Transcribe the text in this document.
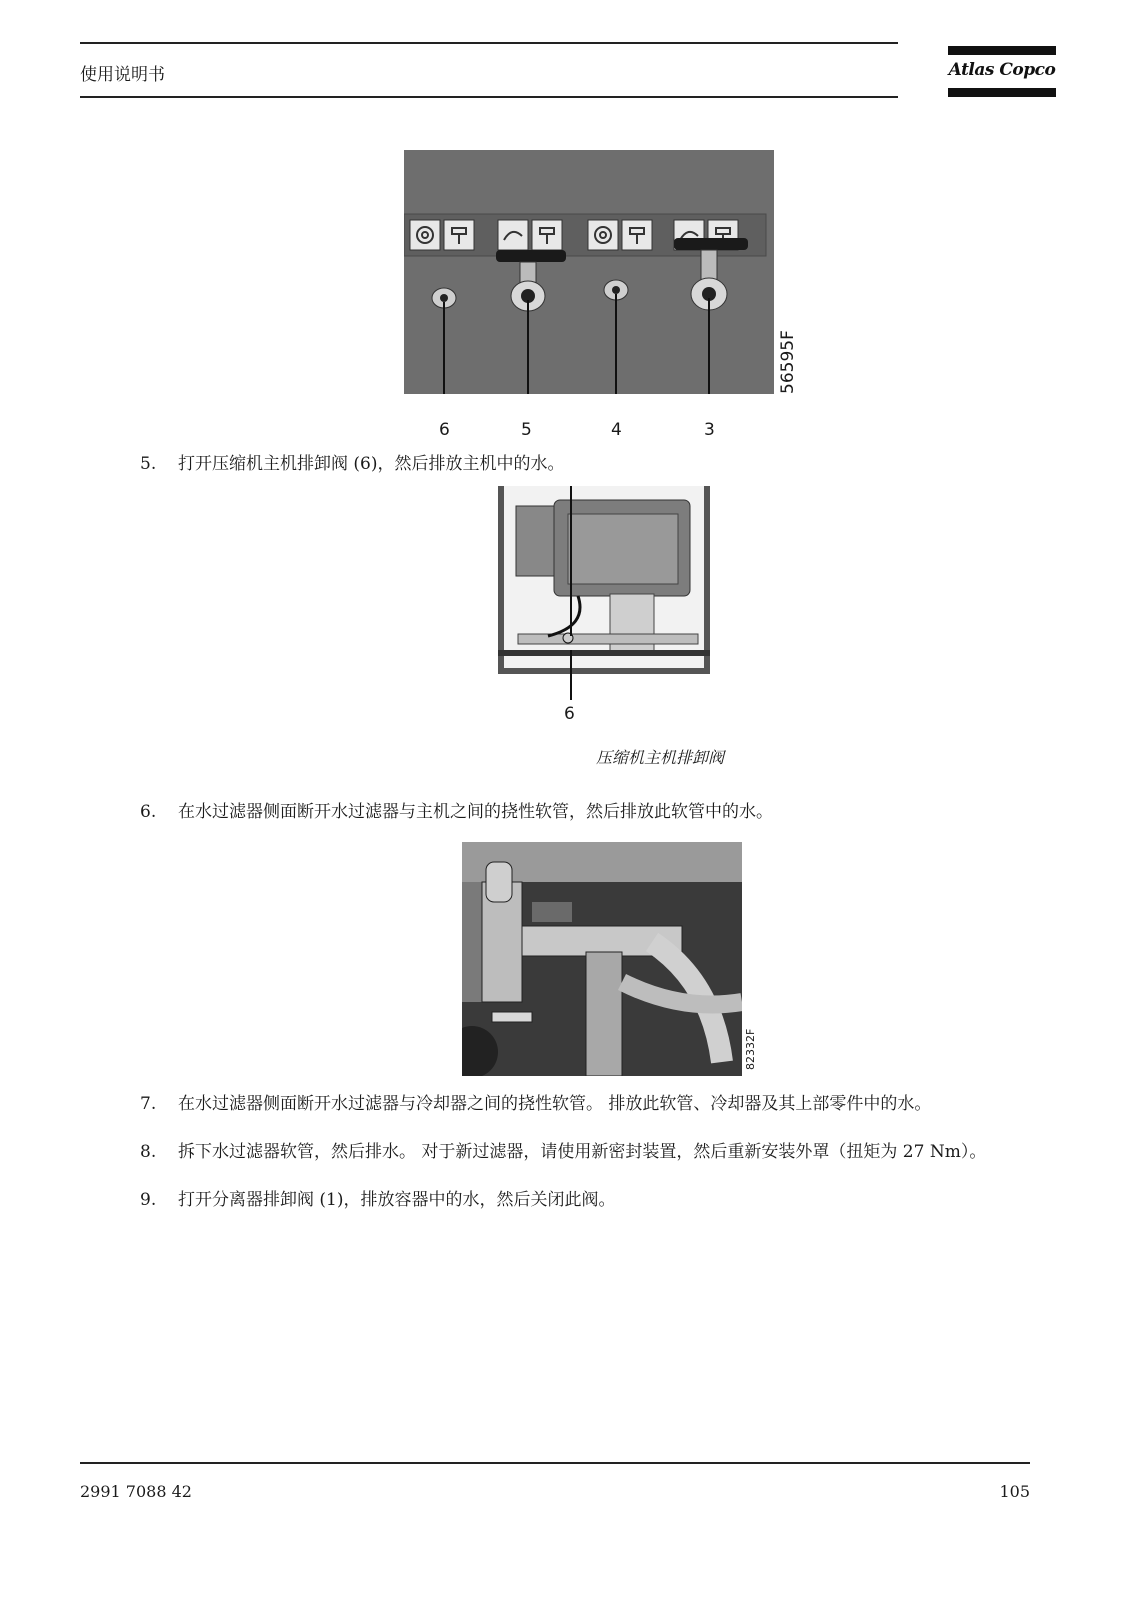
使用说明书	Atlas Copco
56595F
6	5	4	3
5.	打开压缩机主机排卸阀 (6)，然后排放主机中的水。
6
压缩机主机排卸阀
6.	在水过滤器侧面断开水过滤器与主机之间的挠性软管，然后排放此软管中的水。
82332F
7.	在水过滤器侧面断开水过滤器与冷却器之间的挠性软管。 排放此软管、冷却器及其上部零件中的水。
8.	拆下水过滤器软管，然后排水。 对于新过滤器，请使用新密封装置，然后重新安装外罩（扭矩为 27 Nm）。
9.	打开分离器排卸阀 (1)，排放容器中的水，然后关闭此阀。
2991 7088 42	105
